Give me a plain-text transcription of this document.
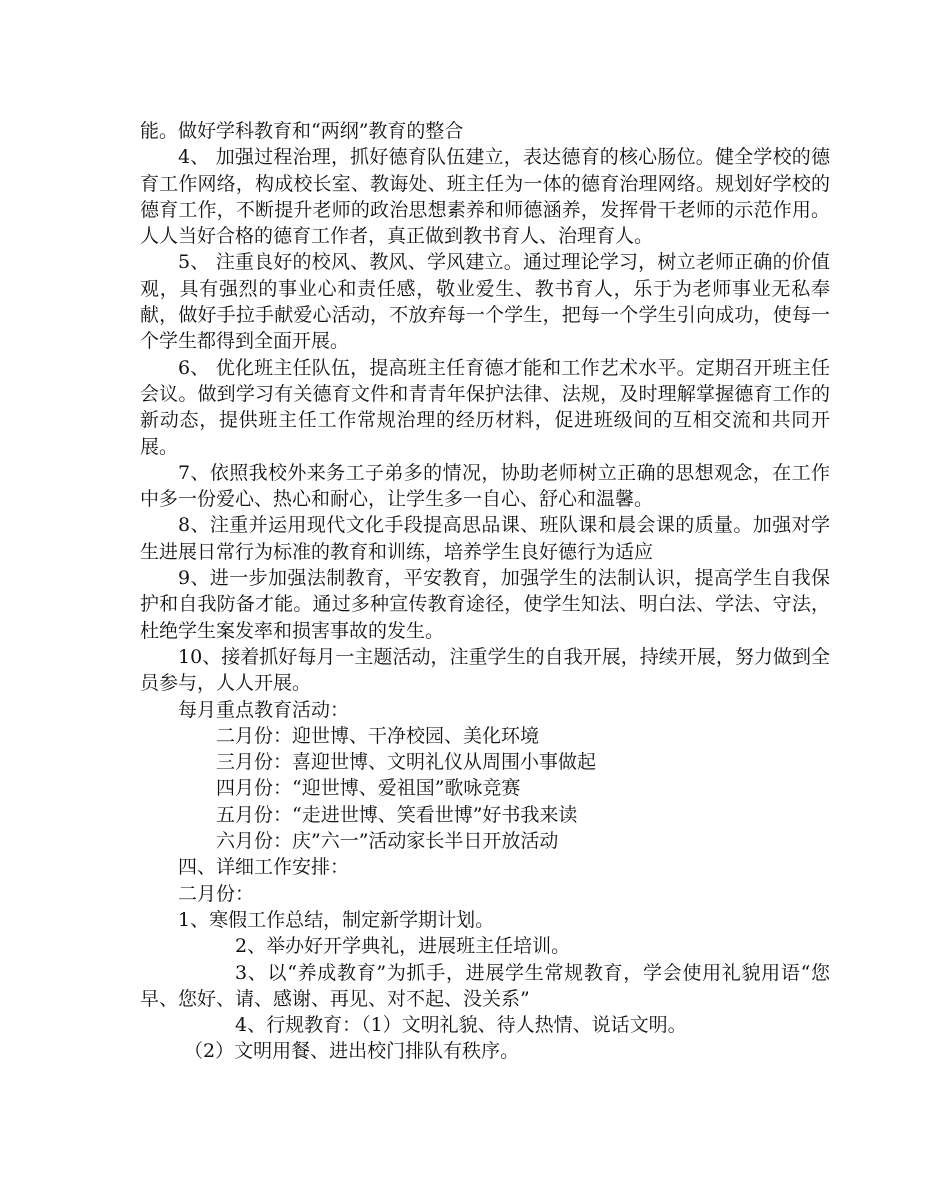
能。做好学科教育和“两纲”教育的整合

4、 加强过程治理，抓好德育队伍建立，表达德育的核心肠位。健全学校的德育工作网络，构成校长室、教诲处、班主任为一体的德育治理网络。规划好学校的德育工作，不断提升老师的政治思想素养和师德涵养，发挥骨干老师的示范作用。人人当好合格的德育工作者，真正做到教书育人、治理育人。

5、 注重良好的校风、教风、学风建立。通过理论学习，树立老师正确的价值观，具有强烈的事业心和责任感，敬业爱生、教书育人，乐于为老师事业无私奉献，做好手拉手献爱心活动，不放弃每一个学生，把每一个学生引向成功，使每一个学生都得到全面开展。

6、 优化班主任队伍，提高班主任育德才能和工作艺术水平。定期召开班主任会议。做到学习有关德育文件和青青年保护法律、法规，及时理解掌握德育工作的新动态，提供班主任工作常规治理的经历材料，促进班级间的互相交流和共同开展。

7、依照我校外来务工子弟多的情况，协助老师树立正确的思想观念，在工作中多一份爱心、热心和耐心，让学生多一自心、舒心和温馨。

8、注重并运用现代文化手段提高思品课、班队课和晨会课的质量。加强对学生进展日常行为标准的教育和训练，培养学生良好德行为适应

9、进一步加强法制教育，平安教育，加强学生的法制认识，提高学生自我保护和自我防备才能。通过多种宣传教育途径，使学生知法、明白法、学法、守法，杜绝学生案发率和损害事故的发生。

10、接着抓好每月一主题活动，注重学生的自我开展，持续开展，努力做到全员参与，人人开展。

每月重点教育活动：

二月份：迎世博、干净校园、美化环境

三月份：喜迎世博、文明礼仪从周围小事做起

四月份：“迎世博、爱祖国”歌咏竞赛

五月份：“走进世博、笑看世博”好书我来读

六月份：庆”六一”活动家长半日开放活动

四、详细工作安排：

二月份：

1、寒假工作总结，制定新学期计划。

2、举办好开学典礼，进展班主任培训。

3、以“养成教育”为抓手，进展学生常规教育，学会使用礼貌用语“您早、您好、请、感谢、再见、对不起、没关系”

4、行规教育：（1）文明礼貌、待人热情、说话文明。

（2）文明用餐、进出校门排队有秩序。
